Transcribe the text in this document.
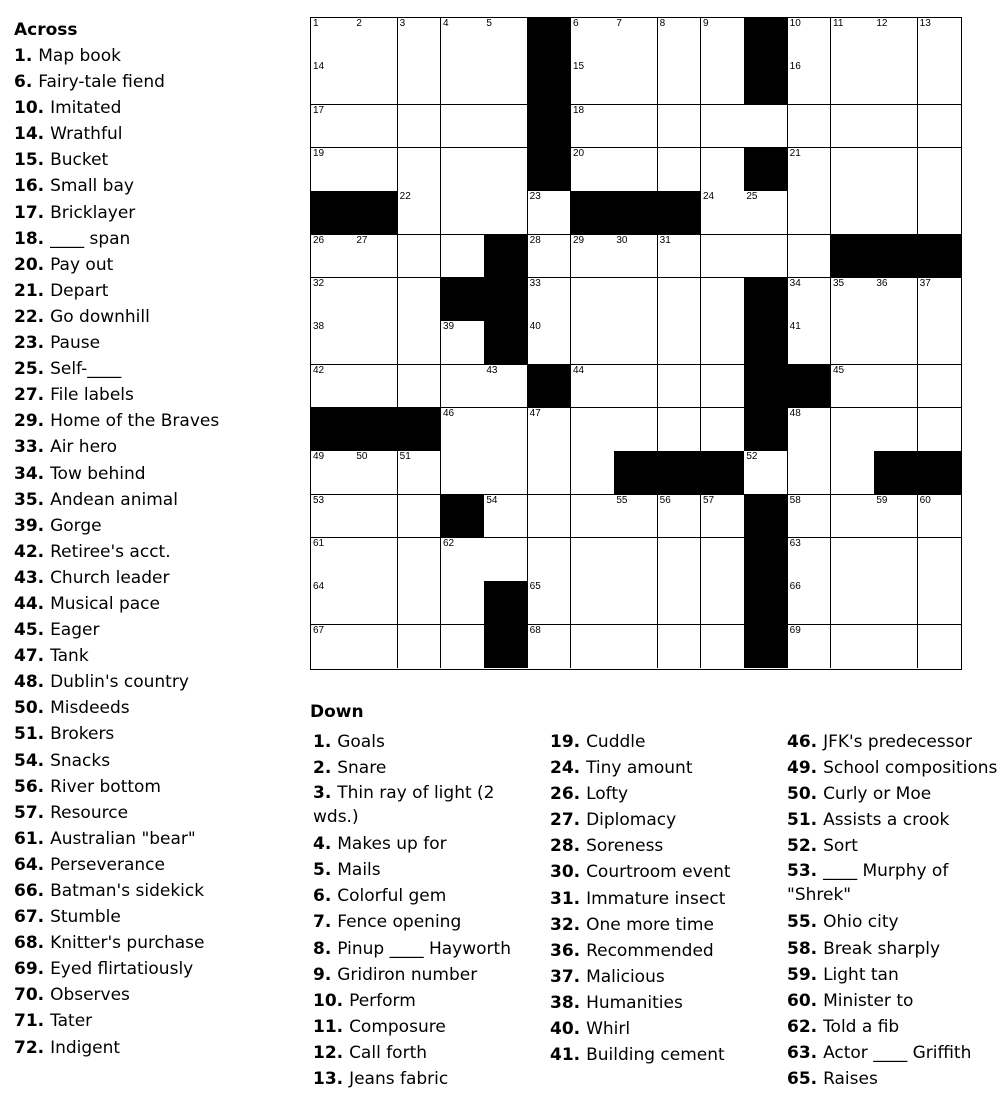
Across
1. Map book
6. Fairy-tale fiend
10. Imitated
14. Wrathful
15. Bucket
16. Small bay
17. Bricklayer
18. ____ span
20. Pay out
21. Depart
22. Go downhill
23. Pause
25. Self-____
27. File labels
29. Home of the Braves
33. Air hero
34. Tow behind
35. Andean animal
39. Gorge
42. Retiree's acct.
43. Church leader
44. Musical pace
45. Eager
47. Tank
48. Dublin's country
50. Misdeeds
51. Brokers
54. Snacks
56. River bottom
57. Resource
61. Australian "bear"
64. Perseverance
66. Batman's sidekick
67. Stumble
68. Knitter's purchase
69. Eyed flirtatiously
70. Observes
71. Tater
72. Indigent
1	2	3	4	5	6	7	8	9	10	11	12	13
14	15	16
17	18
19	20	21
22	23	24	25
26	27	28	29	30	31
32	33	34	35	36	37
38	39	40	41
42	43	44	45
46	47	48
49	50	51	52
53	54	55	56	57	58	59	60
61	62	63
64	65	66
67	68	69
Down
1. Goals
2. Snare
3. Thin ray of light (2 wds.)
4. Makes up for
5. Mails
6. Colorful gem
7. Fence opening
8. Pinup ____ Hayworth
9. Gridiron number
10. Perform
11. Composure
12. Call forth
13. Jeans fabric
19. Cuddle
24. Tiny amount
26. Lofty
27. Diplomacy
28. Soreness
30. Courtroom event
31. Immature insect
32. One more time
36. Recommended
37. Malicious
38. Humanities
40. Whirl
41. Building cement
46. JFK's predecessor
49. School compositions
50. Curly or Moe
51. Assists a crook
52. Sort
53. ____ Murphy of "Shrek"
55. Ohio city
58. Break sharply
59. Light tan
60. Minister to
62. Told a fib
63. Actor ____ Griffith
65. Raises
